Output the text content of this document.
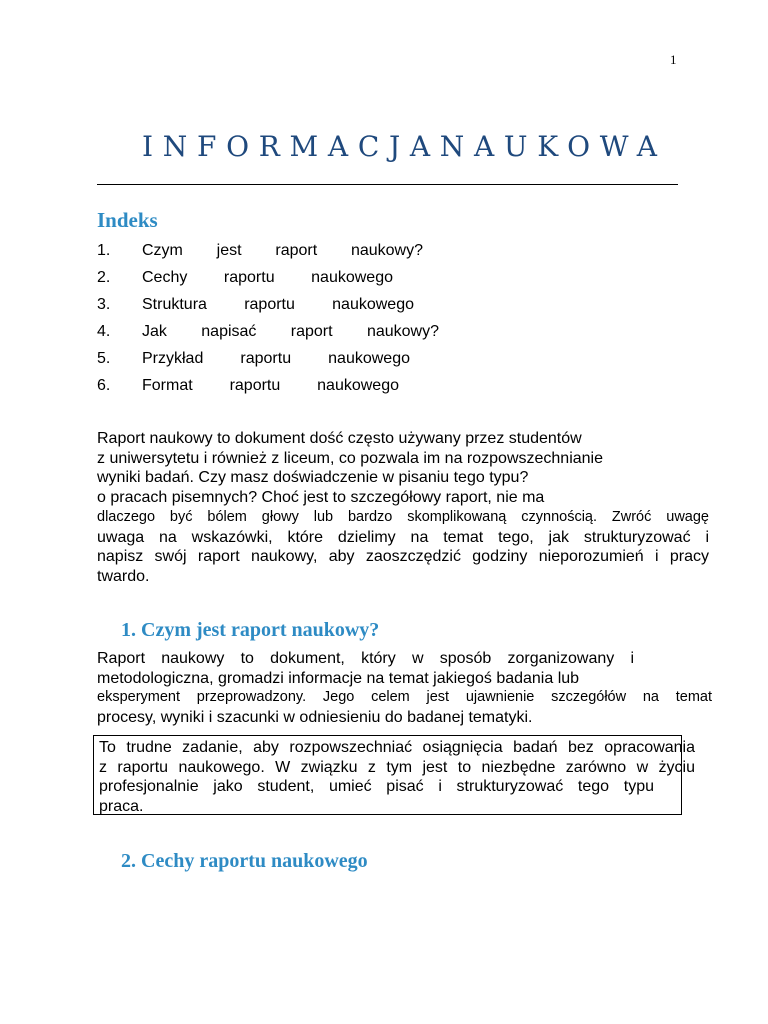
1
INFORMACJANAUKOWA
Indeks
1.	Czym jest raport naukowy?
2.	Cechy raportu naukowego
3.	Struktura raportu naukowego
4.	Jak napisać raport naukowy?
5.	Przykład raportu naukowego
6.	Format raportu naukowego
Raport naukowy to dokument dość często używany przez studentów
z uniwersytetu i również z liceum, co pozwala im na rozpowszechnianie
wyniki badań. Czy masz doświadczenie w pisaniu tego typu?
o pracach pisemnych? Choć jest to szczegółowy raport, nie ma
dlaczego być bólem głowy lub bardzo skomplikowaną czynnością. Zwróć uwagę
uwaga na wskazówki, które dzielimy na temat tego, jak strukturyzować i
napisz swój raport naukowy, aby zaoszczędzić godziny nieporozumień i pracy
twardo.
1. Czym jest raport naukowy?
Raport naukowy to dokument, który w sposób zorganizowany i
metodologiczna, gromadzi informacje na temat jakiegoś badania lub
eksperyment przeprowadzony. Jego celem jest ujawnienie szczegółów na temat
procesy, wyniki i szacunki w odniesieniu do badanej tematyki.
To trudne zadanie, aby rozpowszechniać osiągnięcia badań bez opracowania
z raportu naukowego. W związku z tym jest to niezbędne zarówno w życiu
profesjonalnie jako student, umieć pisać i strukturyzować tego typu
praca.
2. Cechy raportu naukowego
